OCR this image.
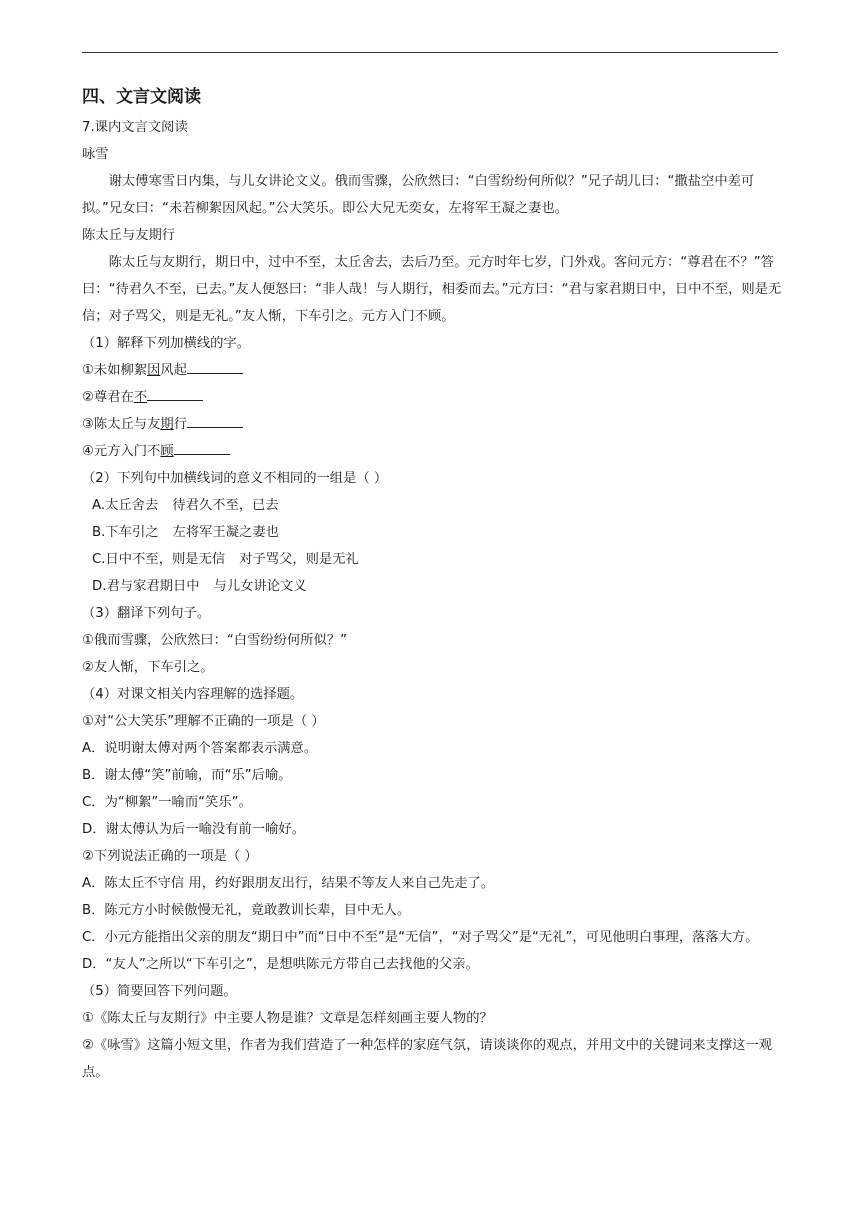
四、文言文阅读
7.课内文言文阅读
咏雪
谢太傅寒雪日内集，与儿女讲论文义。俄而雪骤，公欣然曰：“白雪纷纷何所似？”兄子胡儿曰：“撒盐空中差可拟。”兄女曰：“未若柳絮因风起。”公大笑乐。即公大兄无奕女，左将军王凝之妻也。
陈太丘与友期行
陈太丘与友期行，期日中，过中不至，太丘舍去，去后乃至。元方时年七岁，门外戏。客问元方：“尊君在不？”答曰：“待君久不至，已去。”友人便怒曰：“非人哉！与人期行，相委而去。”元方曰：“君与家君期日中，日中不至，则是无信；对子骂父，则是无礼。”友人惭，下车引之。元方入门不顾。
（1）解释下列加横线的字。
①未如柳絮因风起
②尊君在不
③陈太丘与友期行
④元方入门不顾
（2）下列句中加横线词的意义不相同的一组是（ ）
A.太丘舍去 待君久不至，已去
B.下车引之 左将军王凝之妻也
C.日中不至，则是无信 对子骂父，则是无礼
D.君与家君期日中 与儿女讲论文义
（3）翻译下列句子。
①俄而雪骤，公欣然曰：“白雪纷纷何所似？”
②友人惭，下车引之。
（4）对课文相关内容理解的选择题。
①对“公大笑乐”理解不正确的一项是（ ）
A．说明谢太傅对两个答案都表示满意。
B．谢太傅“笑”前喻，而“乐”后喻。
C．为“柳絮”一喻而“笑乐”。
D．谢太傅认为后一喻没有前一喻好。
②下列说法正确的一项是（ ）
A．陈太丘不守信 用，约好跟朋友出行，结果不等友人来自己先走了。
B．陈元方小时候傲慢无礼，竟敢教训长辈，目中无人。
C．小元方能指出父亲的朋友“期日中”而“日中不至”是“无信”，“对子骂父”是“无礼”，可见他明白事理，落落大方。
D．“友人”之所以“下车引之”，是想哄陈元方带自己去找他的父亲。
（5）简要回答下列问题。
①《陈太丘与友期行》中主要人物是谁？文章是怎样刻画主要人物的？
②《咏雪》这篇小短文里，作者为我们营造了一种怎样的家庭气氛，请谈谈你的观点，并用文中的关键词来支撑这一观点。
